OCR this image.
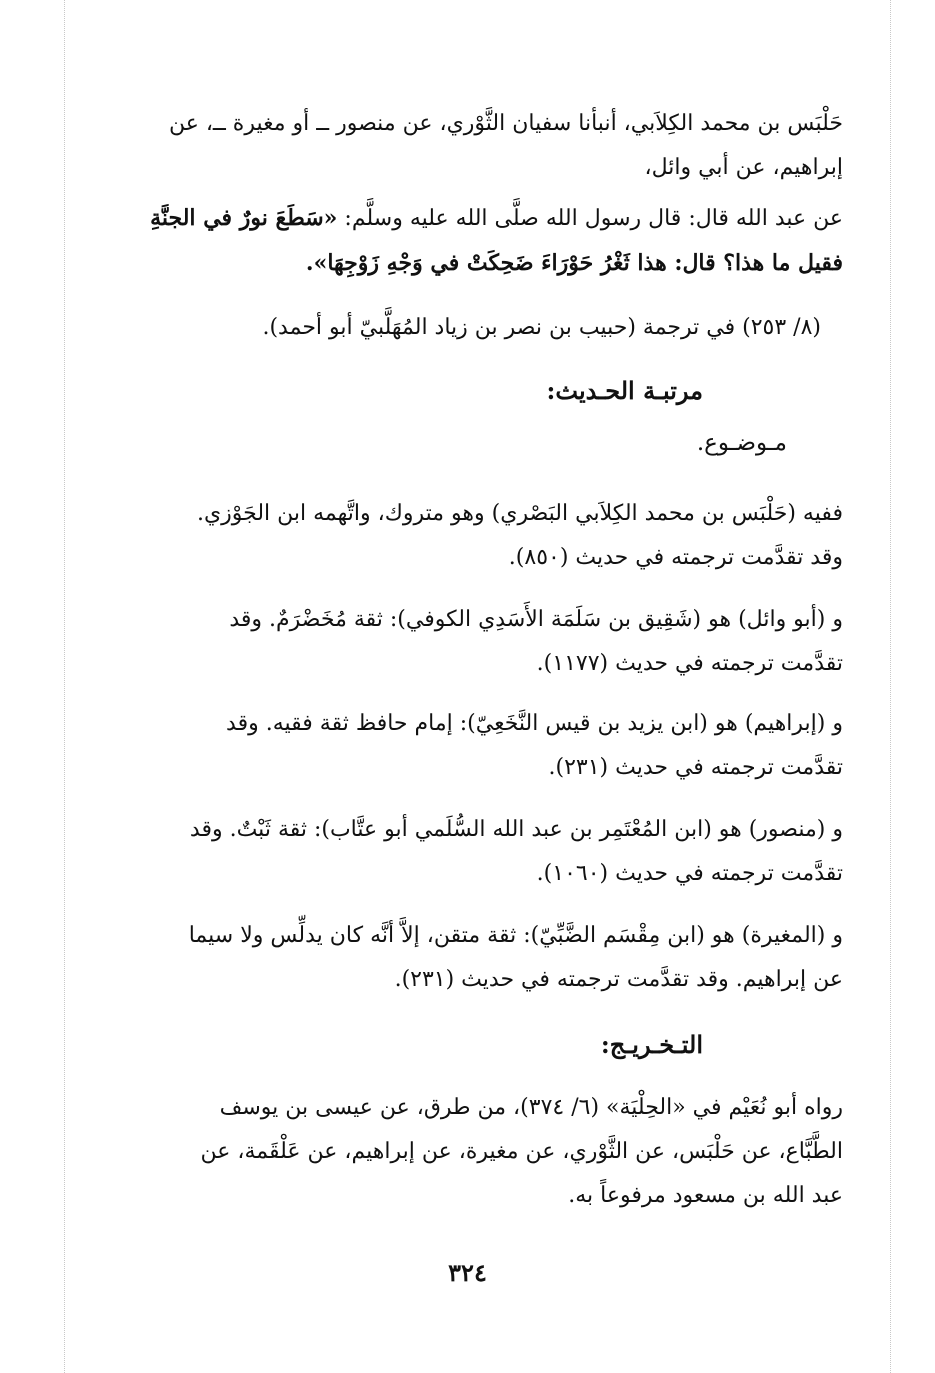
حَلْبَس بن محمد الكِلاَبي، أنبأنا سفيان الثَّوْري، عن منصور ــ أو مغيرة ــ، عن
إبراهيم، عن أبي وائل،
عن عبد الله قال: قال رسول الله صلَّى الله عليه وسلَّم: «سَطَعَ نورٌ في الجنَّةِ
فقيل ما هذا؟ قال: هذا ثَغْرُ حَوْرَاءَ ضَحِكَتْ في وَجْهِ زَوْجِهَا».
(٨/ ٢٥٣) في ترجمة (حبيب بن نصر بن زياد المُهَلَّبيّ أبو أحمد).
مرتبـة الحـديث:
مـوضـوع.
ففيه (حَلْبَس بن محمد الكِلاَبي البَصْري) وهو متروك، واتَّهمه ابن الجَوْزي.
وقد تقدَّمت ترجمته في حديث (٨٥٠).
و (أبو وائل) هو (شَقِيق بن سَلَمَة الأَسَدِي الكوفي): ثقة مُخَضْرَمٌ. وقد
تقدَّمت ترجمته في حديث (١١٧٧).
و (إبراهيم) هو (ابن يزيد بن قيس النَّخَعِيّ): إمام حافظ ثقة فقيه. وقد
تقدَّمت ترجمته في حديث (٢٣١).
و (منصور) هو (ابن المُعْتَمِر بن عبد الله السُّلَمي أبو عتَّاب): ثقة ثَبْتٌ. وقد
تقدَّمت ترجمته في حديث (١٠٦٠).
و (المغيرة) هو (ابن مِقْسَم الضَّبِّيّ): ثقة متقن، إلاَّ أنَّه كان يدلِّس ولا سيما
عن إبراهيم. وقد تقدَّمت ترجمته في حديث (٢٣١).
التـخـريـج:
رواه أبو نُعَيْم في «الحِلْيَة» (٦/ ٣٧٤)، من طرق، عن عيسى بن يوسف
الطَّبَّاع، عن حَلْبَس، عن الثَّوْري، عن مغيرة، عن إبراهيم، عن عَلْقَمة، عن
عبد الله بن مسعود مرفوعاً به.
٣٢٤
